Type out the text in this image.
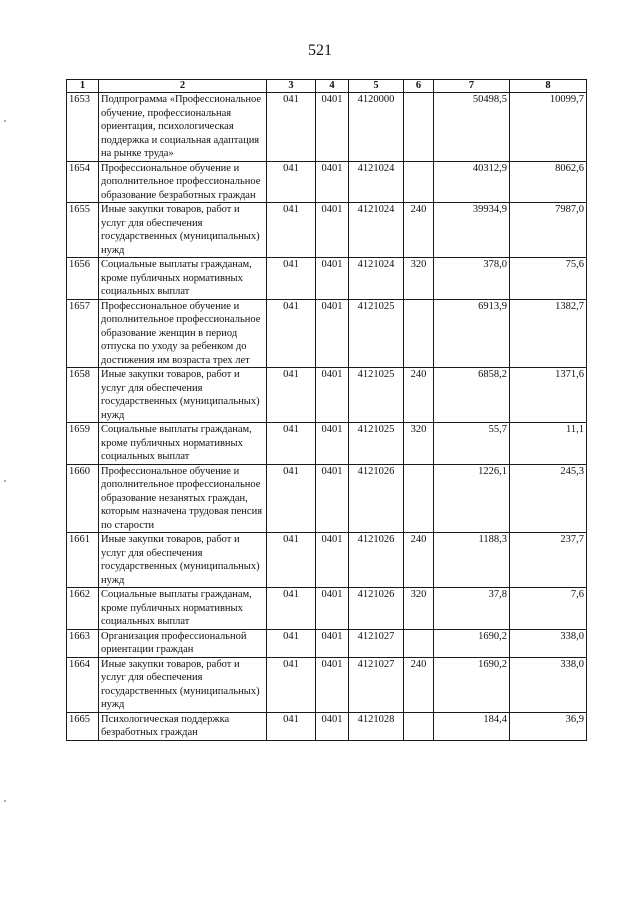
521
1	2	3	4	5	6	7	8
1653	Подпрограмма «Профессиональное обучение, профессиональная ориентация, психологическая поддержка и социальная адаптация на рынке труда»	041	0401	4120000		50498,5	10099,7
1654	Профессиональное обучение и дополнительное профессиональное образование безработных граждан	041	0401	4121024		40312,9	8062,6
1655	Иные закупки товаров, работ и услуг для обеспечения государственных (муниципальных) нужд	041	0401	4121024	240	39934,9	7987,0
1656	Социальные выплаты гражданам, кроме публичных нормативных социальных выплат	041	0401	4121024	320	378,0	75,6
1657	Профессиональное обучение и дополнительное профессиональное образование женщин в период отпуска по уходу за ребенком до достижения им возраста трех лет	041	0401	4121025		6913,9	1382,7
1658	Иные закупки товаров, работ и услуг для обеспечения государственных (муниципальных) нужд	041	0401	4121025	240	6858,2	1371,6
1659	Социальные выплаты гражданам, кроме публичных нормативных социальных выплат	041	0401	4121025	320	55,7	11,1
1660	Профессиональное обучение и дополнительное профессиональное образование незанятых граждан, которым назначена трудовая пенсия по старости	041	0401	4121026		1226,1	245,3
1661	Иные закупки товаров, работ и услуг для обеспечения государственных (муниципальных) нужд	041	0401	4121026	240	1188,3	237,7
1662	Социальные выплаты гражданам, кроме публичных нормативных социальных выплат	041	0401	4121026	320	37,8	7,6
1663	Организация профессиональной ориентации граждан	041	0401	4121027		1690,2	338,0
1664	Иные закупки товаров, работ и услуг для обеспечения государственных (муниципальных) нужд	041	0401	4121027	240	1690,2	338,0
1665	Психологическая поддержка безработных граждан	041	0401	4121028		184,4	36,9
